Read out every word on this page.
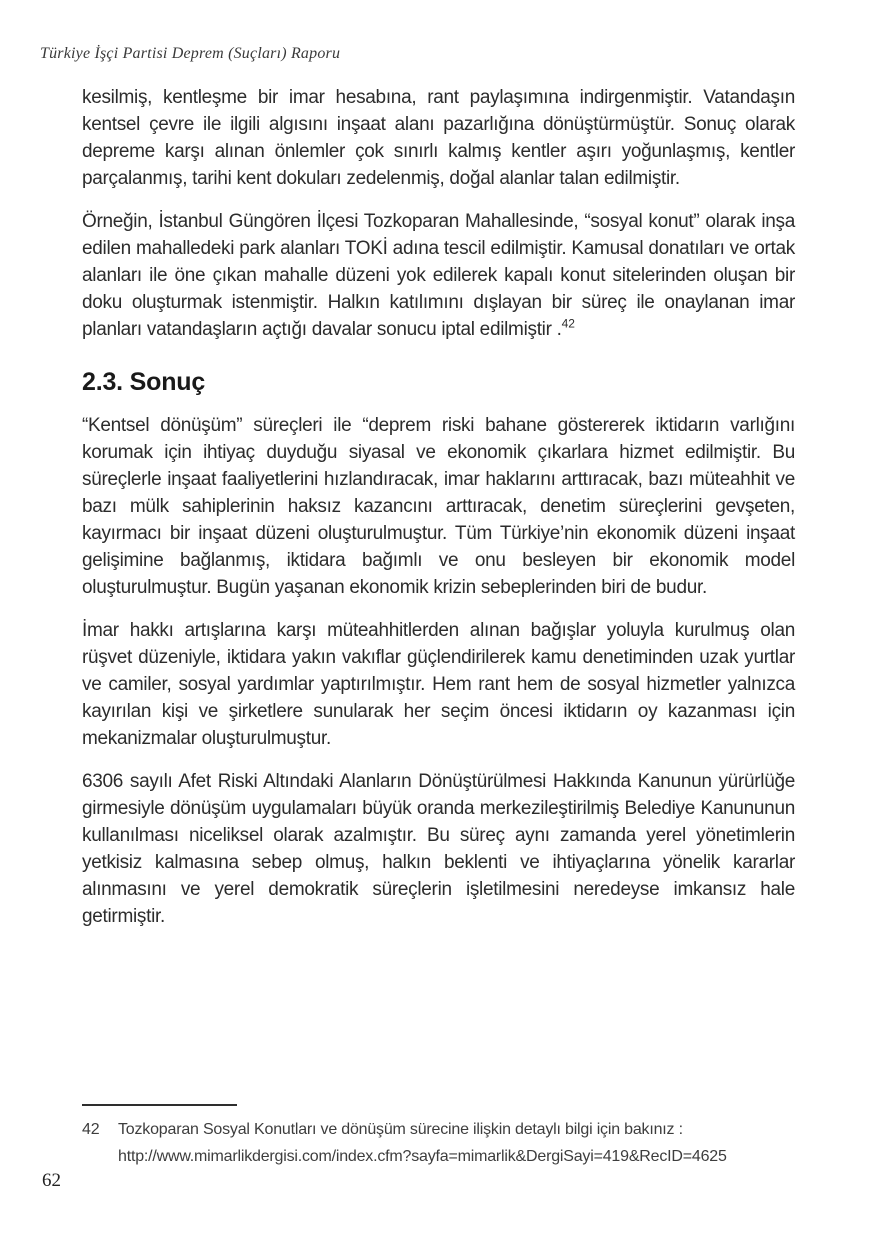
Türkiye İşçi Partisi Deprem (Suçları) Raporu

kesilmiş, kentleşme bir imar hesabına, rant paylaşımına indirgenmiştir. Vatandaşın kentsel çevre ile ilgili algısını inşaat alanı pazarlığına dönüştürmüştür. Sonuç olarak depreme karşı alınan önlemler çok sınırlı kalmış kentler aşırı yoğunlaşmış, kentler parçalanmış, tarihi kent dokuları zedelenmiş, doğal alanlar talan edilmiştir.

Örneğin, İstanbul Güngören İlçesi Tozkoparan Mahallesinde, “sosyal konut” olarak inşa edilen mahalledeki park alanları TOKİ adına tescil edilmiştir. Kamusal donatıları ve ortak alanları ile öne çıkan mahalle düzeni yok edilerek kapalı konut sitelerinden oluşan bir doku oluşturmak istenmiştir. Halkın katılımını dışlayan bir süreç ile onaylanan imar planları vatandaşların açtığı davalar sonucu iptal edilmiştir .$^{42}$

2.3. Sonuç

“Kentsel dönüşüm” süreçleri ile “deprem riski bahane göstererek iktidarın varlığını korumak için ihtiyaç duyduğu siyasal ve ekonomik çıkarlara hizmet edilmiştir. Bu süreçlerle inşaat faaliyetlerini hızlandıracak, imar haklarını arttıracak, bazı müteahhit ve bazı mülk sahiplerinin haksız kazancını arttıracak, denetim süreçlerini gevşeten, kayırmacı bir inşaat düzeni oluşturulmuştur. Tüm Türkiye’nin ekonomik düzeni inşaat gelişimine bağlanmış, iktidara bağımlı ve onu besleyen bir ekonomik model oluşturulmuştur. Bugün yaşanan ekonomik krizin sebeplerinden biri de budur.

İmar hakkı artışlarına karşı müteahhitlerden alınan bağışlar yoluyla kurulmuş olan rüşvet düzeniyle, iktidara yakın vakıflar güçlendirilerek kamu denetiminden uzak yurtlar ve camiler, sosyal yardımlar yaptırılmıştır. Hem rant hem de sosyal hizmetler yalnızca kayırılan kişi ve şirketlere sunularak her seçim öncesi iktidarın oy kazanması için mekanizmalar oluşturulmuştur.

6306 sayılı Afet Riski Altındaki Alanların Dönüştürülmesi Hakkında Kanunun yürürlüğe girmesiyle dönüşüm uygulamaları büyük oranda merkezileştirilmiş Belediye Kanununun kullanılması niceliksel olarak azalmıştır. Bu süreç aynı zamanda yerel yönetimlerin yetkisiz kalmasına sebep olmuş, halkın beklenti ve ihtiyaçlarına yönelik kararlar alınmasını ve yerel demokratik süreçlerin işletilmesini neredeyse imkansız hale getirmiştir.

42	Tozkoparan Sosyal Konutları ve dönüşüm sürecine ilişkin detaylı bilgi için bakınız : http://www.mimarlikdergisi.com/index.cfm?sayfa=mimarlik&DergiSayi=419&RecID=4625
62
